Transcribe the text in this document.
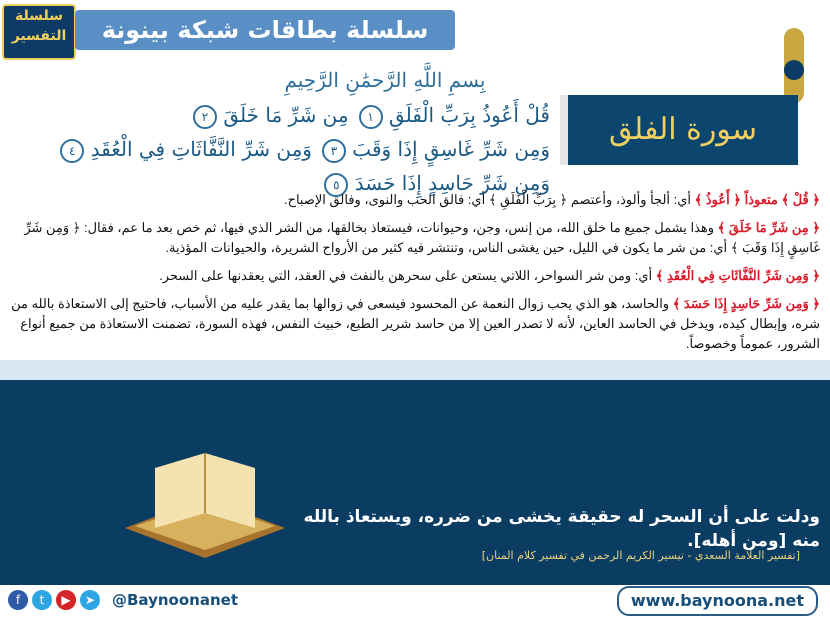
سلسلة
التفسير	سلسلة بطاقات شبكة بينونة
بِسمِ اللَّهِ الرَّحمَٰنِ الرَّحِيمِ
قُلْ أَعُوذُ بِرَبِّ الْفَلَقِ ١مِن شَرِّ مَا خَلَقَ ٢وَمِن شَرِّ غَاسِقٍ إِذَا وَقَبَ ٣وَمِن شَرِّ النَّفَّاثَاتِ فِي الْعُقَدِ ٤وَمِن شَرِّ حَاسِدٍ إِذَا حَسَدَ ٥
سورة الفلق

﴿ قُلْ ﴾ متعوذاً ﴿ أَعُوذُ ﴾ أي: ألجأ وألوذ، وأعتصم ﴿ بِرَبِّ الْفَلَقِ ﴾ أي: فالق الحب والنوى، وفالق الإصباح.

﴿ مِن شَرِّ مَا خَلَقَ ﴾ وهذا يشمل جميع ما خلق الله، من إنس، وجن، وحيوانات، فيستعاذ بخالقها، من الشر الذي فيها، ثم خص بعد ما عم، فقال: ﴿ وَمِن شَرِّ غَاسِقٍ إِذَا وَقَبَ ﴾ أي: من شر ما يكون في الليل، حين يغشى الناس، وتنتشر فيه كثير من الأرواح الشريرة، والحيوانات المؤذية.

﴿ وَمِن شَرِّ النَّفَّاثَاتِ فِي الْعُقَدِ ﴾ أي: ومن شر السواحر، اللاتي يستعن على سحرهن بالنفث في العقد، التي يعقدنها على السحر.

﴿ وَمِن شَرِّ حَاسِدٍ إِذَا حَسَدَ ﴾ والحاسد، هو الذي يحب زوال النعمة عن المحسود فيسعى في زوالها بما يقدر عليه من الأسباب، فاحتيج إلى الاستعاذة بالله من شره، وإبطال كيده، ويدخل في الحاسد العاين، لأنه لا تصدر العين إلا من حاسد شرير الطبع، خبيث النفس، فهذه السورة، تضمنت الاستعاذة من جميع أنواع الشرور، عموماً وخصوصاً.

ودلت على أن السحر له حقيقة يخشى من ضرره، ويستعاذ بالله منه [ومن أهله].
[تفسير العلامة السعدي - تيسير الكريم الرحمن في تفسير كلام المنان]
f	t	▶	➤	@Baynoonanet	www.baynoona.net
